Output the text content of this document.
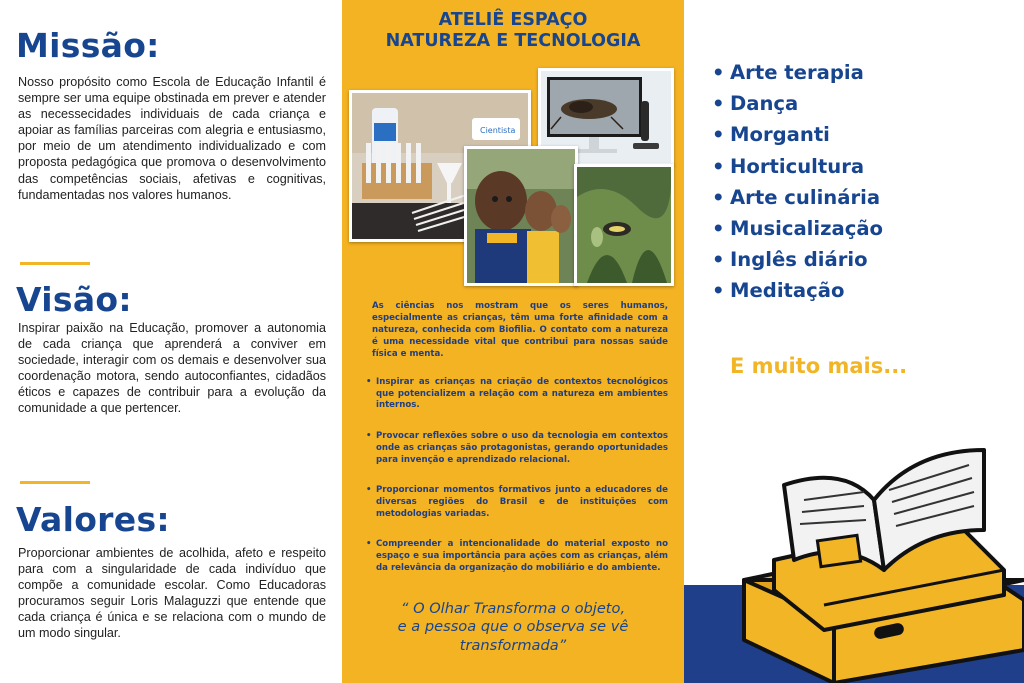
Missão:

Nosso propósito como Escola de Educação Infantil é sempre ser uma equipe obstinada em prever e atender as necessecidades individuais de cada criança e apoiar as famílias parceiras com alegria e entusiasmo, por meio de um atendimento individualizado e com proposta pedagógica que promova o desenvolvimento das competências sociais, afetivas e cognitivas, fundamentadas nos valores humanos.

Visão:

Inspirar paixão na Educação, promover a autonomia de cada criança que aprenderá a conviver em sociedade, interagir com os demais e desenvolver sua coordenação motora, sendo autoconfiantes, cidadãos éticos e capazes de contribuir para a evolução da comunidade a que pertencer.

Valores:

Proporcionar ambientes de acolhida, afeto e respeito para com a singularidade de cada indivíduo que compõe a comunidade escolar. Como Educadoras procuramos seguir Loris Malaguzzi que entende que cada criança é única e se relaciona com o mundo de um modo singular.

ATELIÊ ESPAÇO
NATUREZA E TECNOLOGIA
Cientista

As ciências nos mostram que os seres humanos, especialmente as crianças, têm uma forte afinidade com a natureza, conhecida com Biofilia. O contato com a natureza é uma necessidade vital que contribui para nossas saúde física e menta.

• Inspirar as crianças na criação de contextos tecnológicos que potencializem a relação com a natureza em ambientes internos.
• Provocar reflexões sobre o uso da tecnologia em contextos onde as crianças são protagonistas, gerando oportunidades para invenção e aprendizado relacional.
• Proporcionar momentos formativos junto a educadores de diversas regiões do Brasil e de instituições com metodologias variadas.
• Compreender a intencionalidade do material exposto no espaço e sua importância para ações com as crianças, além da relevância da organização do mobiliário e do ambiente.

“ O Olhar Transforma o objeto,
e a pessoa que o observa se vê
transformada”

• Arte terapia
• Dança
• Morganti
• Horticultura
• Arte culinária
• Musicalização
• Inglês diário
• Meditação
E muito mais...
